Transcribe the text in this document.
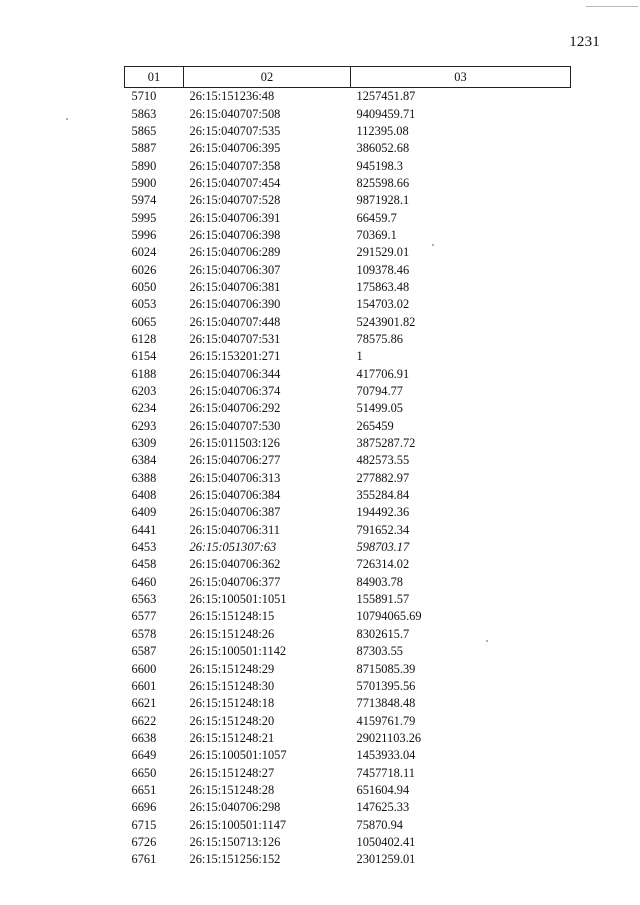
1231
01	02	03
5710	26:15:151236:48	1257451.87
5863	26:15:040707:508	9409459.71
5865	26:15:040707:535	112395.08
5887	26:15:040706:395	386052.68
5890	26:15:040707:358	945198.3
5900	26:15:040707:454	825598.66
5974	26:15:040707:528	9871928.1
5995	26:15:040706:391	66459.7
5996	26:15:040706:398	70369.1
6024	26:15:040706:289	291529.01
6026	26:15:040706:307	109378.46
6050	26:15:040706:381	175863.48
6053	26:15:040706:390	154703.02
6065	26:15:040707:448	5243901.82
6128	26:15:040707:531	78575.86
6154	26:15:153201:271	1
6188	26:15:040706:344	417706.91
6203	26:15:040706:374	70794.77
6234	26:15:040706:292	51499.05
6293	26:15:040707:530	265459
6309	26:15:011503:126	3875287.72
6384	26:15:040706:277	482573.55
6388	26:15:040706:313	277882.97
6408	26:15:040706:384	355284.84
6409	26:15:040706:387	194492.36
6441	26:15:040706:311	791652.34
6453	26:15:051307:63	598703.17
6458	26:15:040706:362	726314.02
6460	26:15:040706:377	84903.78
6563	26:15:100501:1051	155891.57
6577	26:15:151248:15	10794065.69
6578	26:15:151248:26	8302615.7
6587	26:15:100501:1142	87303.55
6600	26:15:151248:29	8715085.39
6601	26:15:151248:30	5701395.56
6621	26:15:151248:18	7713848.48
6622	26:15:151248:20	4159761.79
6638	26:15:151248:21	29021103.26
6649	26:15:100501:1057	1453933.04
6650	26:15:151248:27	7457718.11
6651	26:15:151248:28	651604.94
6696	26:15:040706:298	147625.33
6715	26:15:100501:1147	75870.94
6726	26:15:150713:126	1050402.41
6761	26:15:151256:152	2301259.01
